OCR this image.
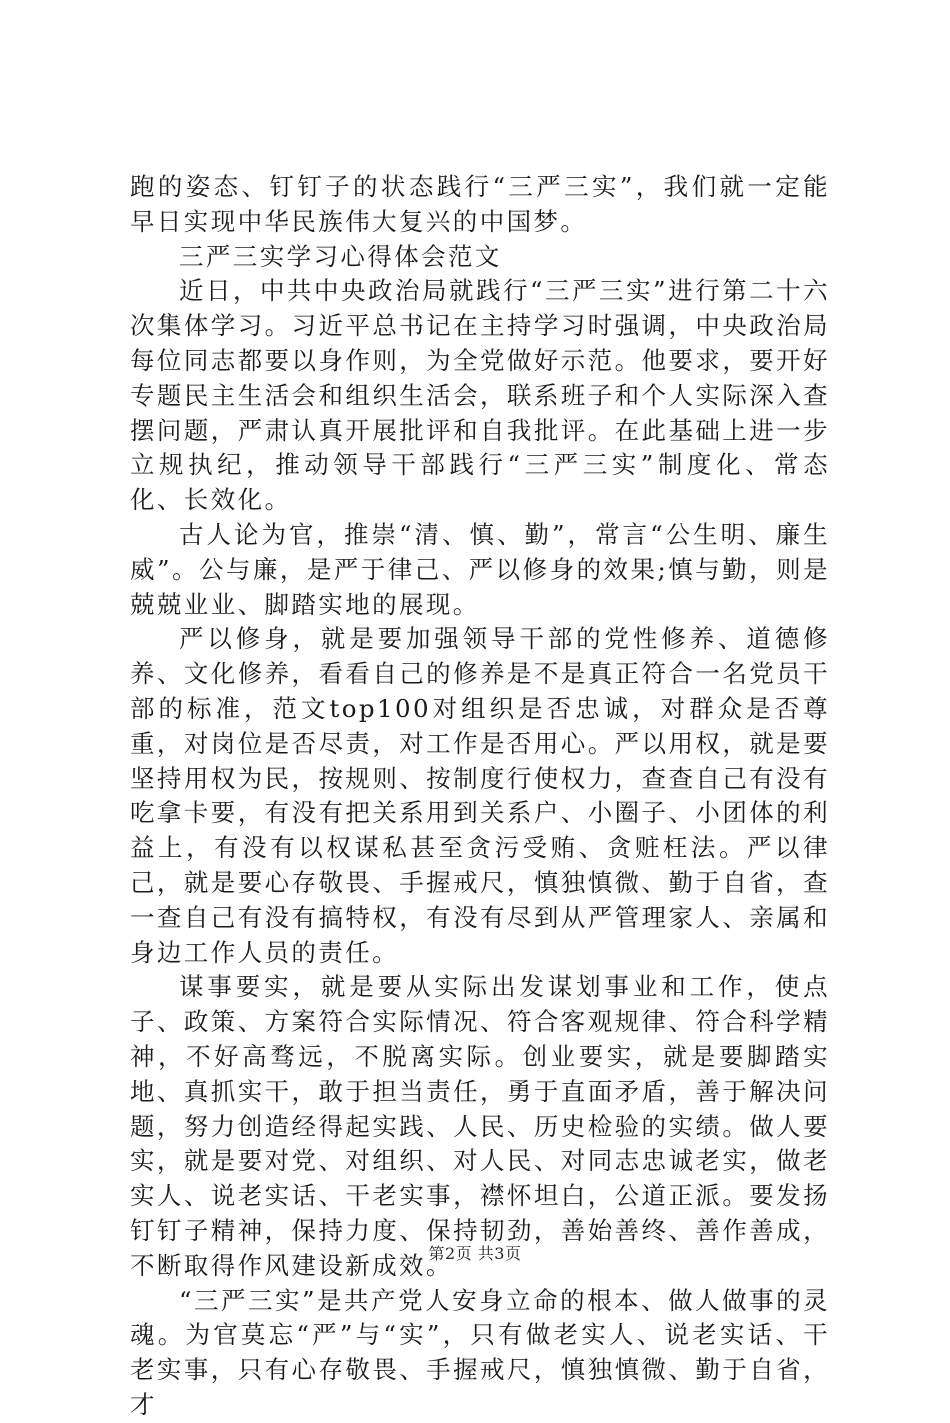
跑的姿态、钉钉子的状态践行“三严三实”，我们就一定能早日实现中华民族伟大复兴的中国梦。

三严三实学习心得体会范文

近日，中共中央政治局就践行“三严三实”进行第二十六次集体学习。习近平总书记在主持学习时强调，中央政治局每位同志都要以身作则，为全党做好示范。他要求，要开好专题民主生活会和组织生活会，联系班子和个人实际深入查摆问题，严肃认真开展批评和自我批评。在此基础上进一步立规执纪，推动领导干部践行“三严三实”制度化、常态化、长效化。

古人论为官，推崇“清、慎、勤”，常言“公生明、廉生威”。公与廉，是严于律己、严以修身的效果;慎与勤，则是兢兢业业、脚踏实地的展现。

严以修身，就是要加强领导干部的党性修养、道德修养、文化修养，看看自己的修养是不是真正符合一名党员干部的标准，范文top100对组织是否忠诚，对群众是否尊重，对岗位是否尽责，对工作是否用心。严以用权，就是要坚持用权为民，按规则、按制度行使权力，查查自己有没有吃拿卡要，有没有把关系用到关系户、小圈子、小团体的利益上，有没有以权谋私甚至贪污受贿、贪赃枉法。严以律己，就是要心存敬畏、手握戒尺，慎独慎微、勤于自省，查一查自己有没有搞特权，有没有尽到从严管理家人、亲属和身边工作人员的责任。

谋事要实，就是要从实际出发谋划事业和工作，使点子、政策、方案符合实际情况、符合客观规律、符合科学精神，不好高骛远，不脱离实际。创业要实，就是要脚踏实地、真抓实干，敢于担当责任，勇于直面矛盾，善于解决问题，努力创造经得起实践、人民、历史检验的实绩。做人要实，就是要对党、对组织、对人民、对同志忠诚老实，做老实人、说老实话、干老实事，襟怀坦白，公道正派。要发扬钉钉子精神，保持力度、保持韧劲，善始善终、善作善成，不断取得作风建设新成效。

“三严三实”是共产党人安身立命的根本、做人做事的灵魂。为官莫忘“严”与“实”，只有做老实人、说老实话、干老实事，只有心存敬畏、手握戒尺，慎独慎微、勤于自省，才

第2页 共3页
